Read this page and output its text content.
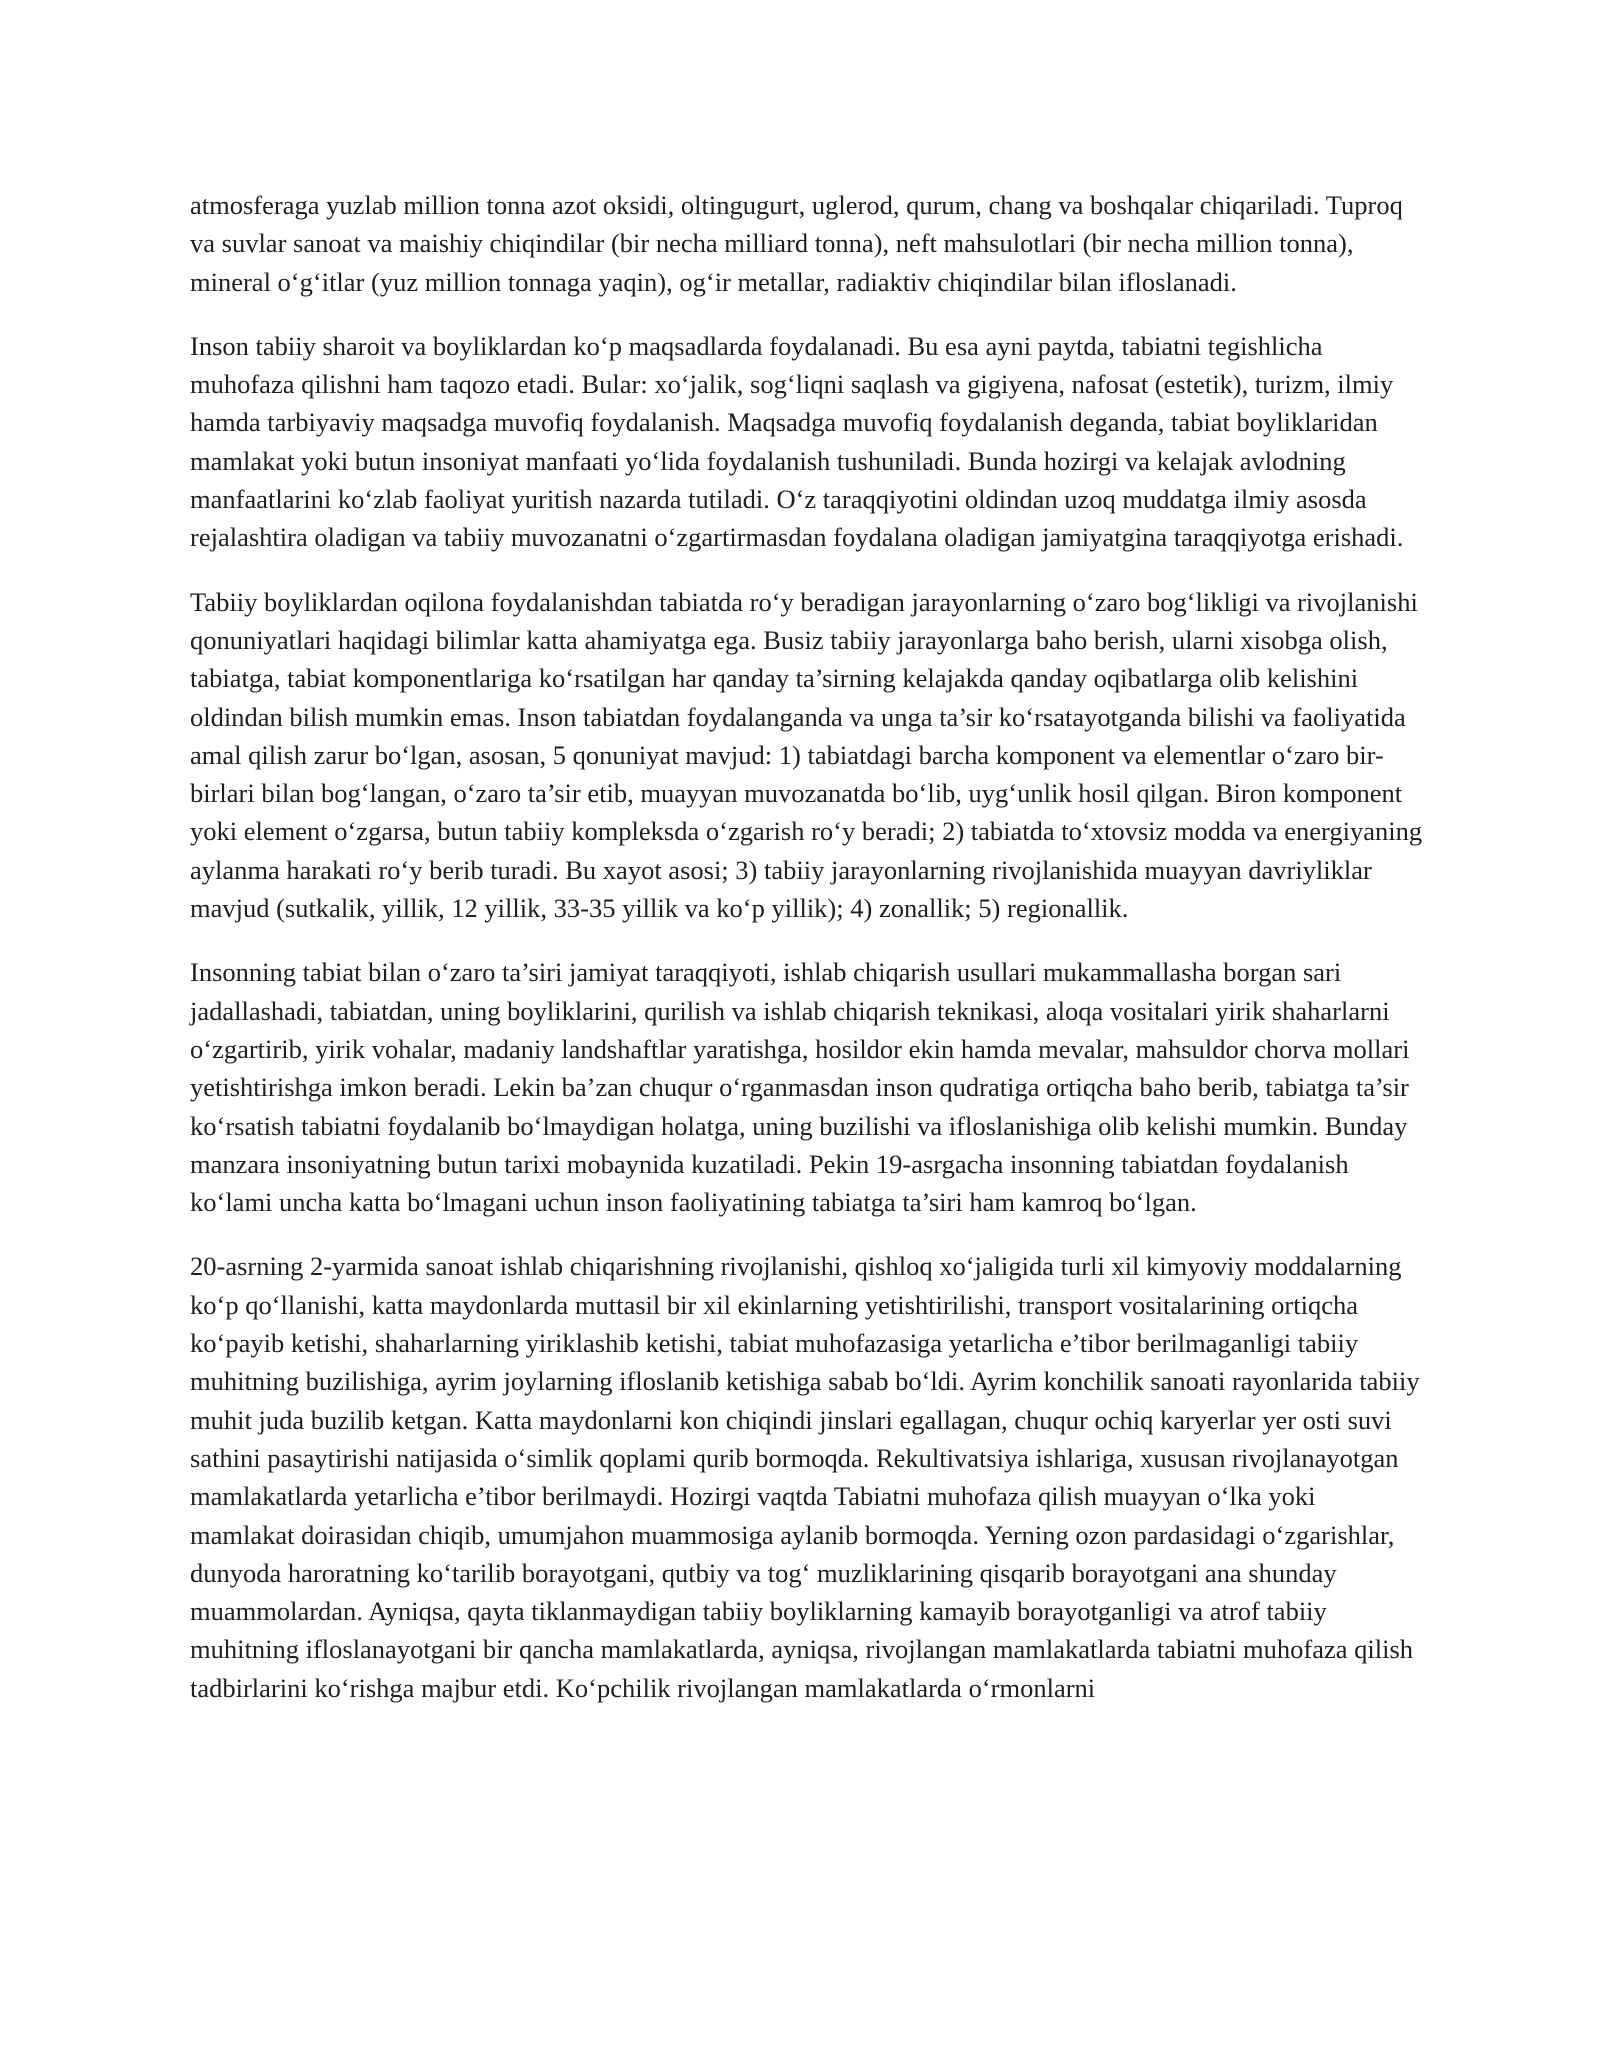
atmosferaga yuzlab million tonna azot oksidi, oltingugurt, uglerod, qurum, chang va boshqalar chiqariladi. Tuproq va suvlar sanoat va maishiy chiqindilar (bir necha milliard tonna), neft mahsulotlari (bir necha million tonna), mineral o‘g‘itlar (yuz million tonnaga yaqin), og‘ir metallar, radiaktiv chiqindilar bilan ifloslanadi.

Inson tabiiy sharoit va boyliklardan ko‘p maqsadlarda foydalanadi. Bu esa ayni paytda, tabiatni tegishlicha muhofaza qilishni ham taqozo etadi. Bular: xo‘jalik, sog‘liqni saqlash va gigiyena, nafosat (estetik), turizm, ilmiy hamda tarbiyaviy maqsadga muvofiq foydalanish. Maqsadga muvofiq foydalanish deganda, tabiat boyliklaridan mamlakat yoki butun insoniyat manfaati yo‘lida foydalanish tushuniladi. Bunda hozirgi va kelajak avlodning manfaatlarini ko‘zlab faoliyat yuritish nazarda tutiladi. O‘z taraqqiyotini oldindan uzoq muddatga ilmiy asosda rejalashtira oladigan va tabiiy muvozanatni o‘zgartirmasdan foydalana oladigan jamiyatgina taraqqiyotga erishadi.

Tabiiy boyliklardan oqilona foydalanishdan tabiatda ro‘y beradigan jarayonlarning o‘zaro bog‘likligi va rivojlanishi qonuniyatlari haqidagi bilimlar katta ahamiyatga ega. Busiz tabiiy jarayonlarga baho berish, ularni xisobga olish, tabiatga, tabiat komponentlariga ko‘rsatilgan har qanday ta’sirning kelajakda qanday oqibatlarga olib kelishini oldindan bilish mumkin emas. Inson tabiatdan foydalanganda va unga ta’sir ko‘rsatayotganda bilishi va faoliyatida amal qilish zarur bo‘lgan, asosan, 5 qonuniyat mavjud: 1) tabiatdagi barcha komponent va elementlar o‘zaro bir-birlari bilan bog‘langan, o‘zaro ta’sir etib, muayyan muvozanatda bo‘lib, uyg‘unlik hosil qilgan. Biron komponent yoki element o‘zgarsa, butun tabiiy kompleksda o‘zgarish ro‘y beradi; 2) tabiatda to‘xtovsiz modda va energiyaning aylanma harakati ro‘y berib turadi. Bu xayot asosi; 3) tabiiy jarayonlarning rivojlanishida muayyan davriyliklar mavjud (sutkalik, yillik, 12 yillik, 33-35 yillik va ko‘p yillik); 4) zonallik; 5) regionallik.

Insonning tabiat bilan o‘zaro ta’siri jamiyat taraqqiyoti, ishlab chiqarish usullari mukammallasha borgan sari jadallashadi, tabiatdan, uning boyliklarini, qurilish va ishlab chiqarish teknikasi, aloqa vositalari yirik shaharlarni o‘zgartirib, yirik vohalar, madaniy landshaftlar yaratishga, hosildor ekin hamda mevalar, mahsuldor chorva mollari yetishtirishga imkon beradi. Lekin ba’zan chuqur o‘rganmasdan inson qudratiga ortiqcha baho berib, tabiatga ta’sir ko‘rsatish tabiatni foydalanib bo‘lmaydigan holatga, uning buzilishi va ifloslanishiga olib kelishi mumkin. Bunday manzara insoniyatning butun tarixi mobaynida kuzatiladi. Pekin 19-asrgacha insonning tabiatdan foydalanish ko‘lami uncha katta bo‘lmagani uchun inson faoliyatining tabiatga ta’siri ham kamroq bo‘lgan.

20-asrning 2-yarmida sanoat ishlab chiqarishning rivojlanishi, qishloq xo‘jaligida turli xil kimyoviy moddalarning ko‘p qo‘llanishi, katta maydonlarda muttasil bir xil ekinlarning yetishtirilishi, transport vositalarining ortiqcha ko‘payib ketishi, shaharlarning yiriklashib ketishi, tabiat muhofazasiga yetarlicha e’tibor berilmaganligi tabiiy muhitning buzilishiga, ayrim joylarning ifloslanib ketishiga sabab bo‘ldi. Ayrim konchilik sanoati rayonlarida tabiiy muhit juda buzilib ketgan. Katta maydonlarni kon chiqindi jinslari egallagan, chuqur ochiq karyerlar yer osti suvi sathini pasaytirishi natijasida o‘simlik qoplami qurib bormoqda. Rekultivatsiya ishlariga, xususan rivojlanayotgan mamlakatlarda yetarlicha e’tibor berilmaydi. Hozirgi vaqtda Tabiatni muhofaza qilish muayyan o‘lka yoki mamlakat doirasidan chiqib, umumjahon muammosiga aylanib bormoqda. Yerning ozon pardasidagi o‘zgarishlar, dunyoda haroratning ko‘tarilib borayotgani, qutbiy va tog‘ muzliklarining qisqarib borayotgani ana shunday muammolardan. Ayniqsa, qayta tiklanmaydigan tabiiy boyliklarning kamayib borayotganligi va atrof tabiiy muhitning ifloslanayotgani bir qancha mamlakatlarda, ayniqsa, rivojlangan mamlakatlarda tabiatni muhofaza qilish tadbirlarini ko‘rishga majbur etdi. Ko‘pchilik rivojlangan mamlakatlarda o‘rmonlarni
